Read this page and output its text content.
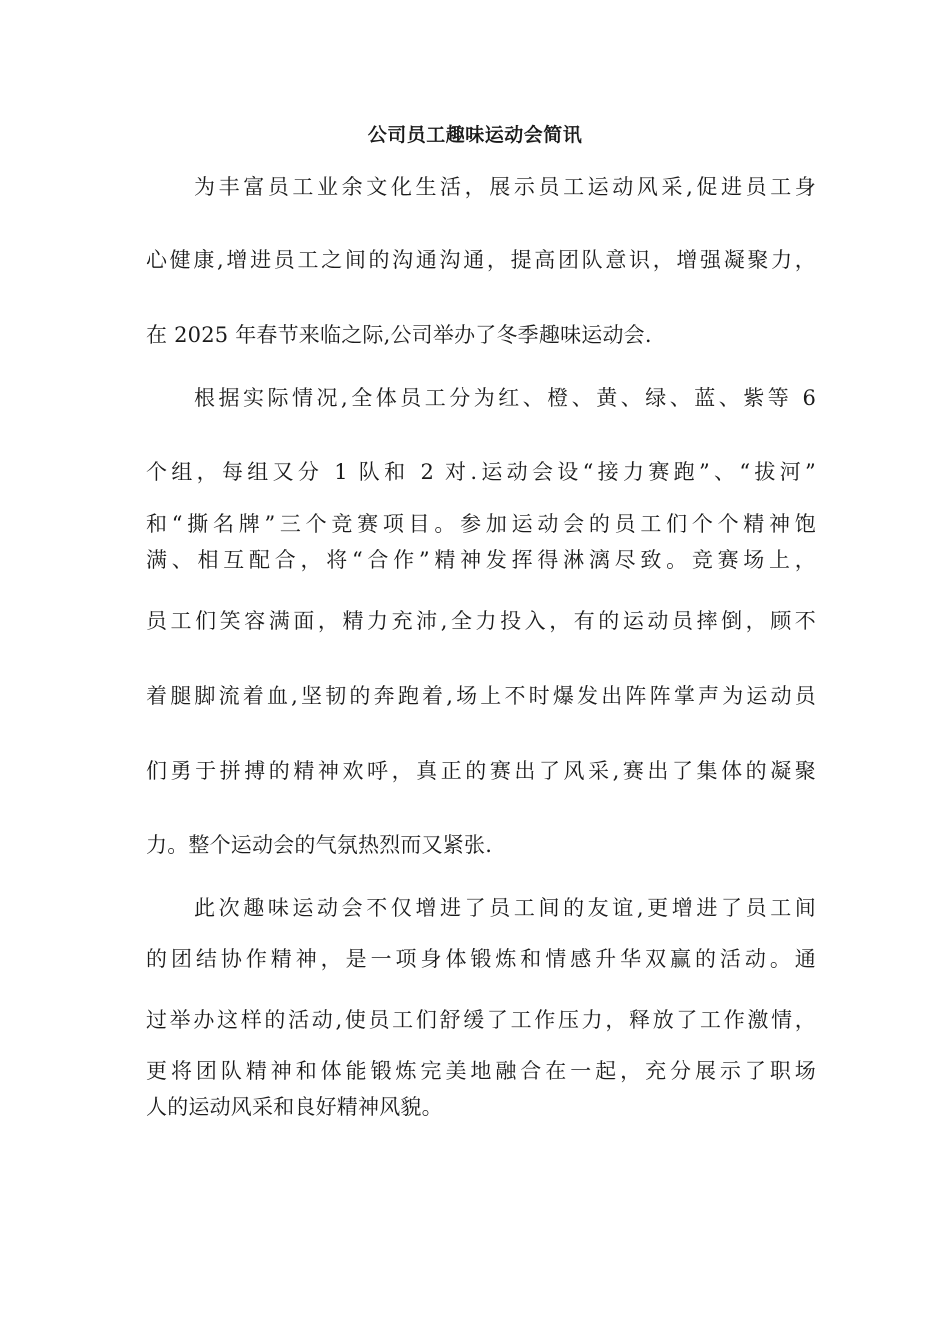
公司员工趣味运动会简讯
为丰富员工业余文化生活，展示员工运动风采,促进员工身
心健康,增进员工之间的沟通沟通，提高团队意识，增强凝聚力，
在 2025 年春节来临之际,公司举办了冬季趣味运动会.
根据实际情况,全体员工分为红、橙、黄、绿、蓝、紫等 6
个组，每组又分 1 队和 2 对.运动会设“接力赛跑”、“拔河”
和“撕名牌”三个竞赛项目。参加运动会的员工们个个精神饱
满、相互配合，将“合作”精神发挥得淋漓尽致。竞赛场上，
员工们笑容满面，精力充沛,全力投入，有的运动员摔倒，顾不
着腿脚流着血,坚韧的奔跑着,场上不时爆发出阵阵掌声为运动员
们勇于拼搏的精神欢呼，真正的赛出了风采,赛出了集体的凝聚
力。整个运动会的气氛热烈而又紧张.
此次趣味运动会不仅增进了员工间的友谊,更增进了员工间
的团结协作精神，是一项身体锻炼和情感升华双赢的活动。通
过举办这样的活动,使员工们舒缓了工作压力，释放了工作激情，
更将团队精神和体能锻炼完美地融合在一起，充分展示了职场
人的运动风采和良好精神风貌。
